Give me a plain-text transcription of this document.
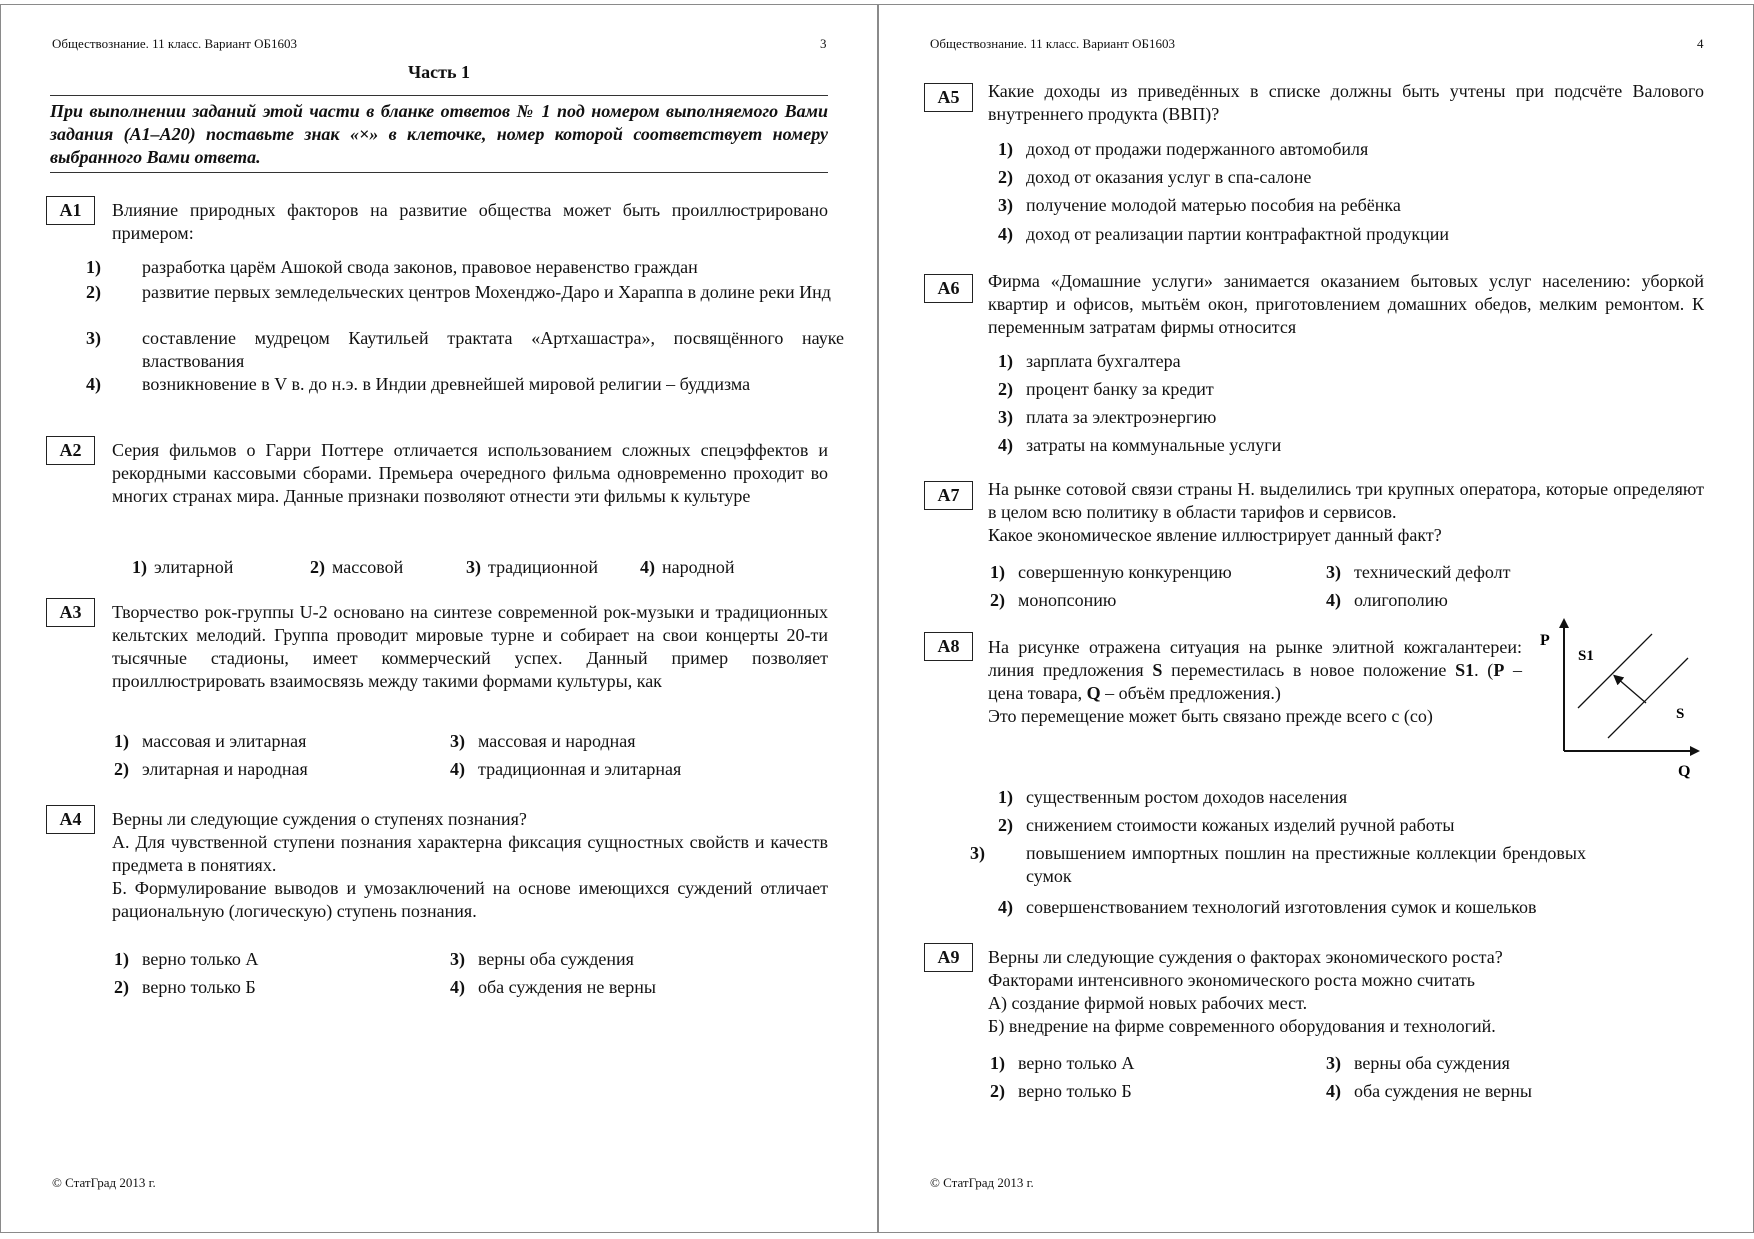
Обществознание. 11 класс. Вариант ОБ1603	3
Часть 1
При выполнении заданий этой части в бланке ответов № 1 под номером выполняемого Вами задания (А1–А20) поставьте знак «×» в клеточке, номер которой соответствует номеру выбранного Вами ответа.
А1	Влияние природных факторов на развитие общества может быть проиллюстрировано примером:
1) разработка царём Ашокой свода законов, правовое неравенство граждан
2) развитие первых земледельческих центров Мохенджо-Даро и Хараппа в долине реки Инд
3) составление мудрецом Каутильей трактата «Артхашастра», посвящённого науке властвования
4) возникновение в V в. до н.э. в Индии древнейшей мировой религии – буддизма
А2	Серия фильмов о Гарри Поттере отличается использованием сложных спецэффектов и рекордными кассовыми сборами. Премьера очередного фильма одновременно проходит во многих странах мира. Данные признаки позволяют отнести эти фильмы к культуре
1) элитарной	2) массовой	3) традиционной 4) народной
А3	Творчество рок-группы U-2 основано на синтезе современной рок-музыки и традиционных кельтских мелодий. Группа проводит мировые турне и собирает на свои концерты 20-ти тысячные стадионы, имеет коммерческий успех. Данный пример позволяет проиллюстрировать взаимосвязь между такими формами культуры, как
1) массовая и элитарная
2) элитарная и народная
3) массовая и народная
4) традиционная и элитарная
А4	Верны ли следующие суждения о ступенях познания?
А. Для чувственной ступени познания характерна фиксация сущностных свойств и качеств предмета в понятиях.
Б. Формулирование выводов и умозаключений на основе имеющихся суждений отличает рациональную (логическую) ступень познания.
1) верно только А
2) верно только Б
3) верны оба суждения
4) оба суждения не верны
© СтатГрад 2013 г.
Обществознание. 11 класс. Вариант ОБ1603	4
А5	Какие доходы из приведённых в списке должны быть учтены при подсчёте Валового внутреннего продукта (ВВП)?
1) доход от продажи подержанного автомобиля
2) доход от оказания услуг в спа-салоне
3) получение молодой матерью пособия на ребёнка
4) доход от реализации партии контрафактной продукции
А6	Фирма «Домашние услуги» занимается оказанием бытовых услуг населению: уборкой квартир и офисов, мытьём окон, приготовлением домашних обедов, мелким ремонтом. К переменным затратам фирмы относится
1) зарплата бухгалтера
2) процент банку за кредит
3) плата за электроэнергию
4) затраты на коммунальные услуги
А7	На рынке сотовой связи страны Н. выделились три крупных оператора, которые определяют в целом всю политику в области тарифов и сервисов.
Какое экономическое явление иллюстрирует данный факт?
1) совершенную конкуренцию
2) монопсонию
3) технический дефолт
4) олигополию
А8	На рисунке отражена ситуация на рынке элитной кожгалантереи: линия предложения S переместилась в новое положение S1. (P – цена товара, Q – объём предложения.)
Это перемещение может быть связано прежде всего с (со)
P
S1
S
Q
1) существенным ростом доходов населения
2) снижением стоимости кожаных изделий ручной работы
3) повышением импортных пошлин на престижные коллекции брендовых сумок
4) совершенствованием технологий изготовления сумок и кошельков
А9	Верны ли следующие суждения о факторах экономического роста?
Факторами интенсивного экономического роста можно считать
А) создание фирмой новых рабочих мест.
Б) внедрение на фирме современного оборудования и технологий.
1) верно только А
2) верно только Б
3) верны оба суждения
4) оба суждения не верны
© СтатГрад 2013 г.
